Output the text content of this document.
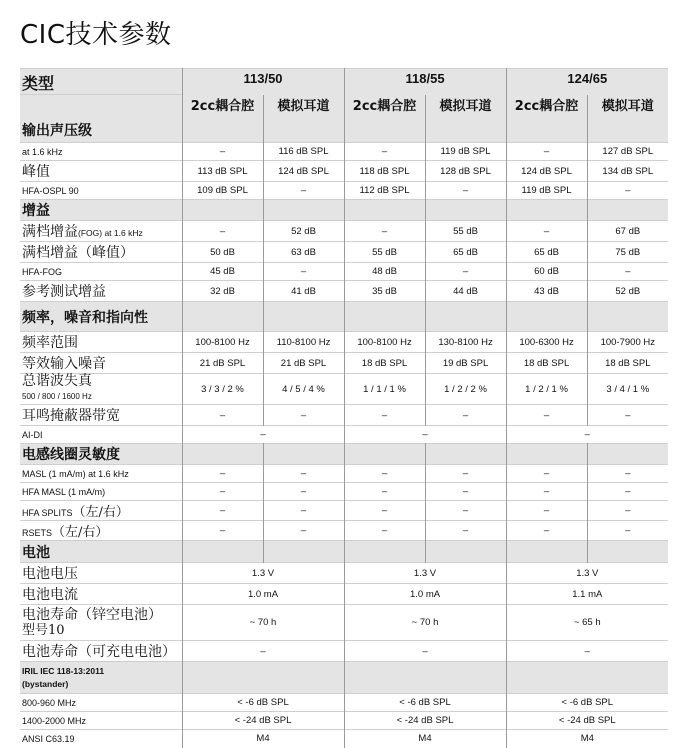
CIC技术参数
类型	113/50		118/55		124/65	
	2cc耦合腔	模拟耳道	2cc耦合腔	模拟耳道	2cc耦合腔	模拟耳道
输出声压级						
at 1.6 kHz	–	116 dB SPL	–	119 dB SPL	–	127 dB SPL
峰值	113 dB SPL	124 dB SPL	118 dB SPL	128 dB SPL	124 dB SPL	134 dB SPL
HFA-OSPL 90	109 dB SPL	–	112 dB SPL	–	119 dB SPL	–
增益						
满档增益(FOG) at 1.6 kHz	–	52 dB	–	55 dB	–	67 dB
满档增益（峰值）	50 dB	63 dB	55 dB	65 dB	65 dB	75 dB
HFA-FOG	45 dB	–	48 dB	–	60 dB	–
参考测试增益	32 dB	41 dB	35 dB	44 dB	43 dB	52 dB
频率，噪音和指向性						
频率范围	100-8100 Hz	110-8100 Hz	100-8100 Hz	130-8100 Hz	100-6300 Hz	100-7900 Hz
等效输入噪音	21 dB SPL	21 dB SPL	18 dB SPL	19 dB SPL	18 dB SPL	18 dB SPL
总谐波失真
500 / 800 / 1600 Hz	3 / 3 / 2 %	4 / 5 / 4 %	1 / 1 / 1 %	1 / 2 / 2 %	1 / 2 / 1 %	3 / 4 / 1 %
耳鸣掩蔽器带宽	–	–	–	–	–	–
AI-DI	–		–		–	
电感线圈灵敏度						
MASL (1 mA/m) at 1.6 kHz	–	–	–	–	–	–
HFA MASL (1 mA/m)	–	–	–	–	–	–
HFA SPLITS（左/右）	–	–	–	–	–	–
RSETS（左/右）	–	–	–	–	–	–
电池						
电池电压	1.3 V		1.3 V		1.3 V	
电池电流	1.0 mA		1.0 mA		1.1 mA	
电池寿命（锌空电池）
型号10	~ 70 h		~ 70 h		~ 65 h	
电池寿命（可充电电池）	–		–		–	
IRIL IEC 118-13:2011
(bystander)						

800-960 MHz	< -6 dB SPL		< -6 dB SPL		< -6 dB SPL	
1400-2000 MHz	< -24 dB SPL		< -24 dB SPL		< -24 dB SPL	
ANSI C63.19	M4		M4		M4	
